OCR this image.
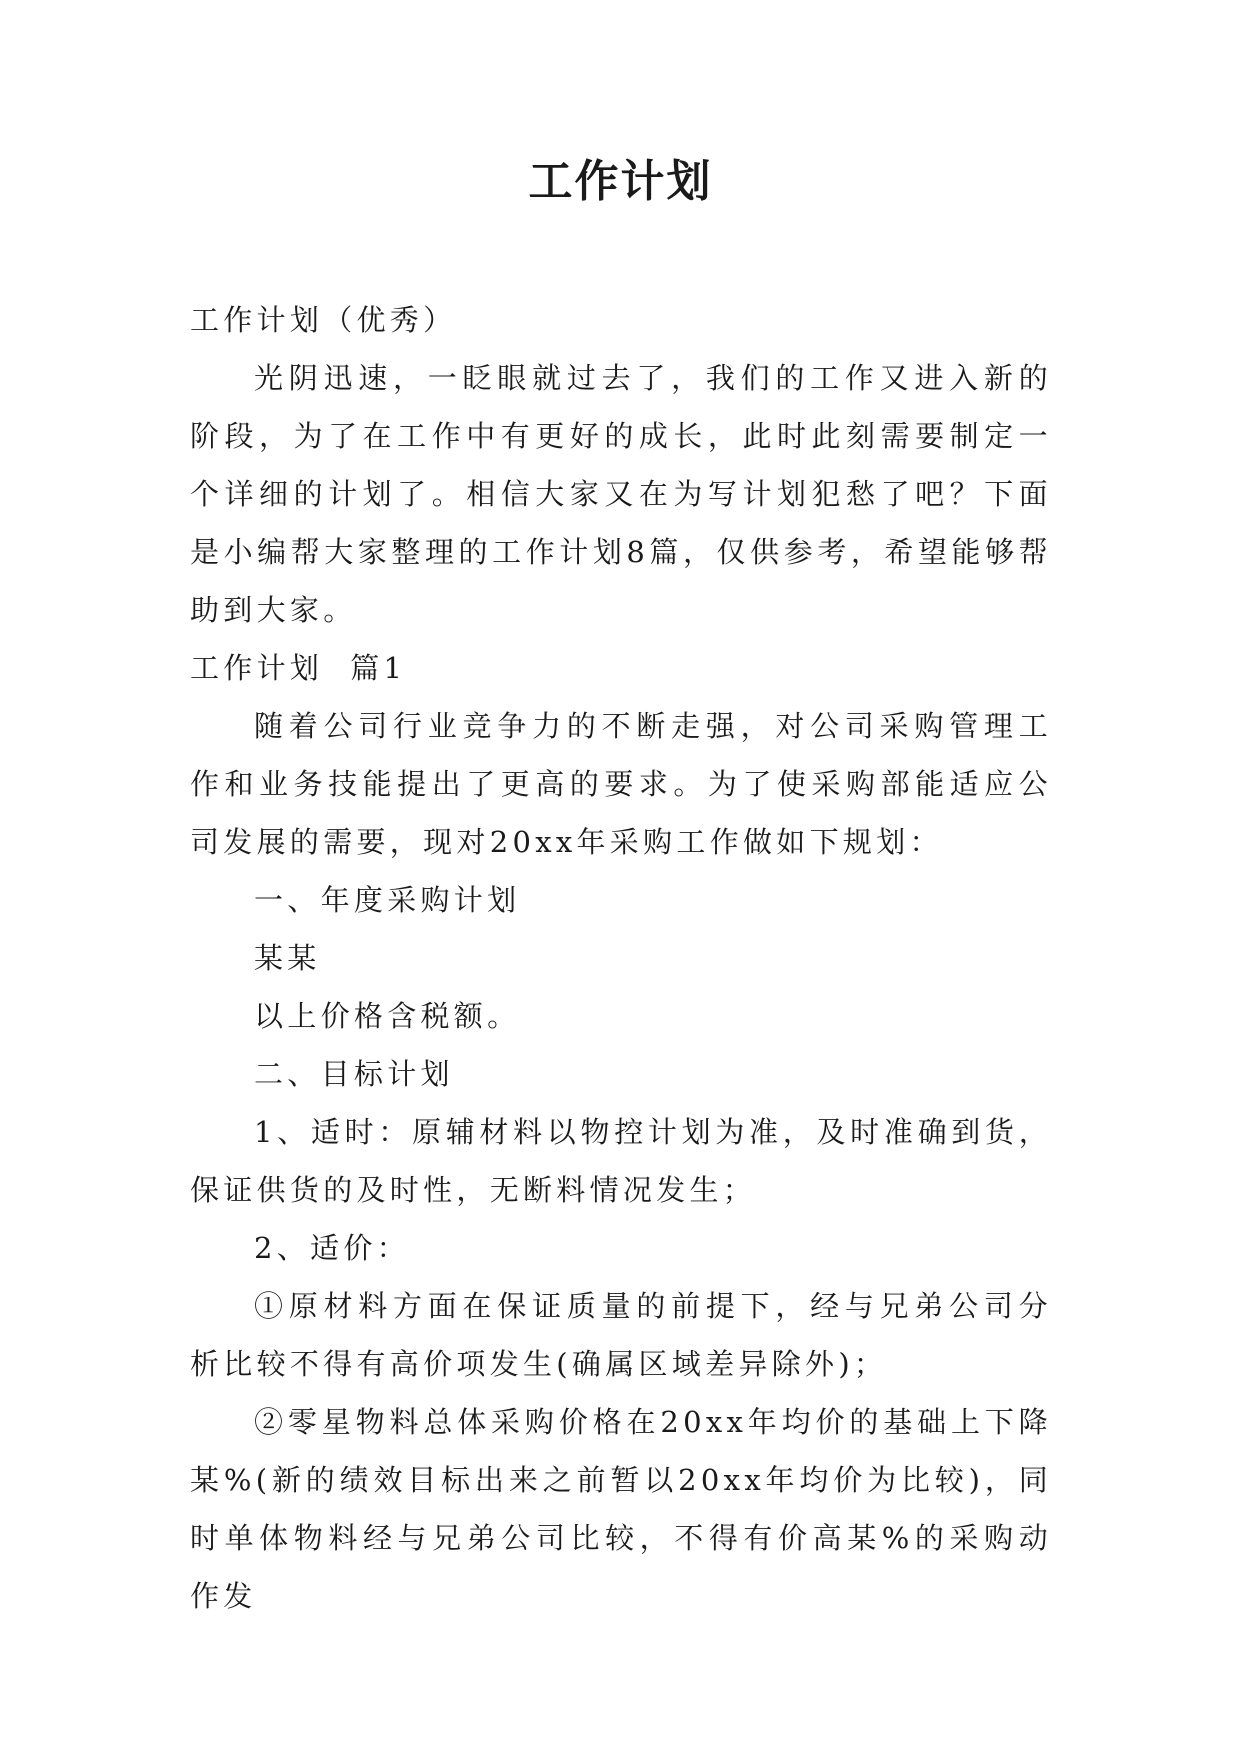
工作计划

工作计划（优秀）

光阴迅速，一眨眼就过去了，我们的工作又进入新的阶段，为了在工作中有更好的成长，此时此刻需要制定一个详细的计划了。相信大家又在为写计划犯愁了吧？下面是小编帮大家整理的工作计划8篇，仅供参考，希望能够帮助到大家。

工作计划  篇1

随着公司行业竞争力的不断走强，对公司采购管理工作和业务技能提出了更高的要求。为了使采购部能适应公司发展的需要，现对20xx年采购工作做如下规划：

一、年度采购计划

某某

以上价格含税额。

二、目标计划

1、适时：原辅材料以物控计划为准，及时准确到货，保证供货的及时性，无断料情况发生；

2、适价：

①原材料方面在保证质量的前提下，经与兄弟公司分析比较不得有高价项发生(确属区域差异除外)；

②零星物料总体采购价格在20xx年均价的基础上下降某%(新的绩效目标出来之前暂以20xx年均价为比较)，同时单体物料经与兄弟公司比较，不得有价高某%的采购动作发
